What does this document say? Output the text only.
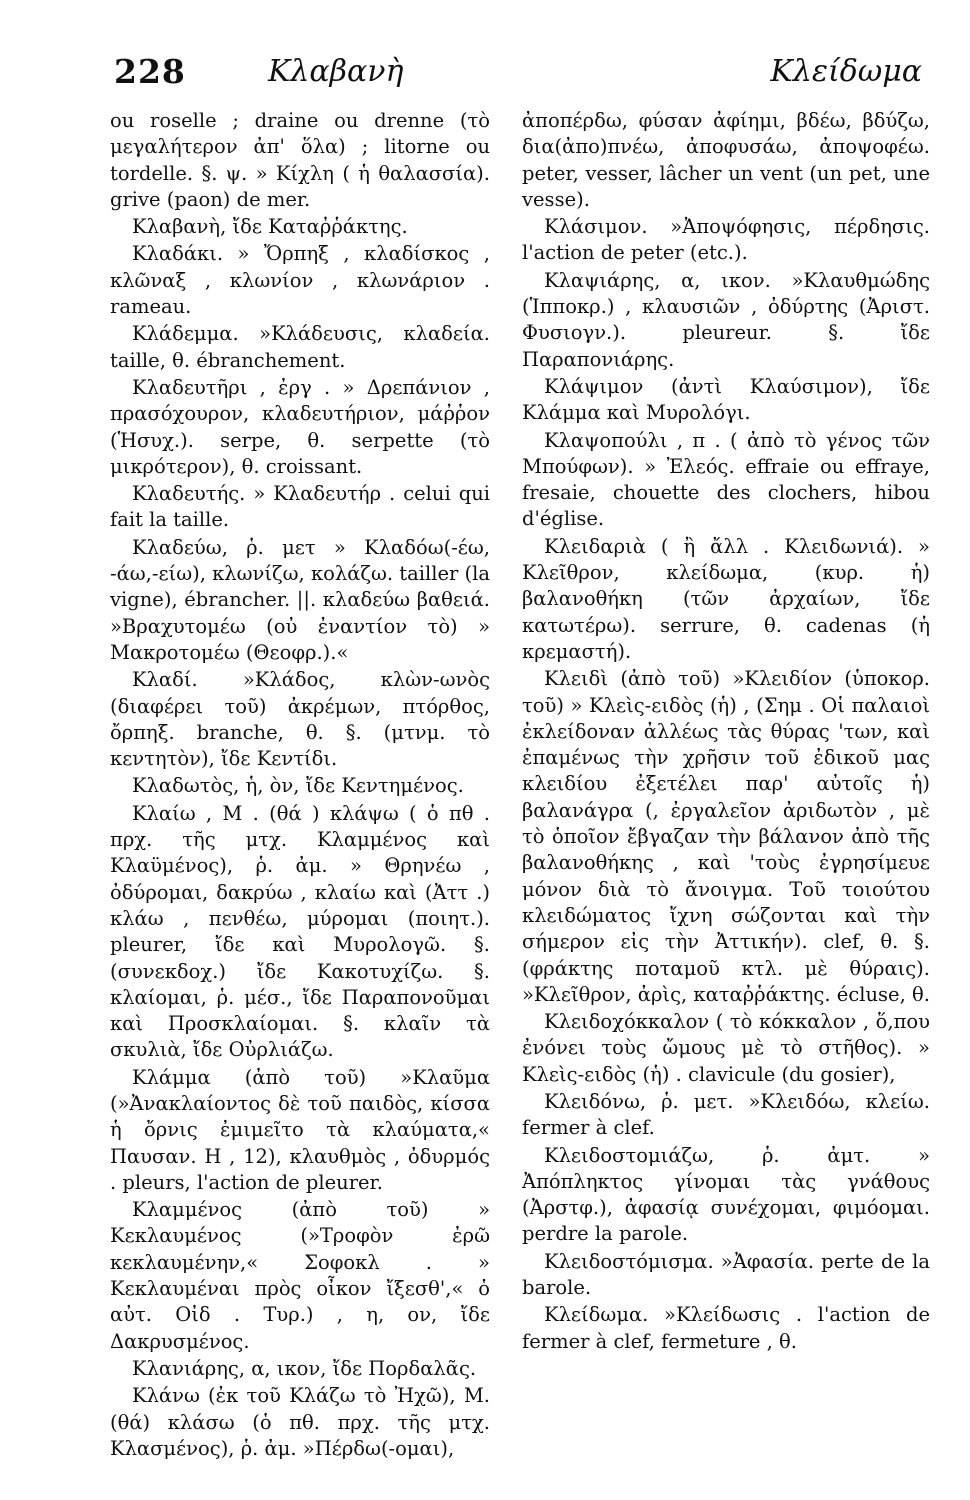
228	Κλαβανὴ	Κλείδωμα

ou roselle ; draine ou drenne (τὸ μεγαλήτερον ἀπ' ὅλα) ; litorne ou tordelle. §. ψ. » Κίχλη ( ἡ θαλασσία). grive (paon) de mer.

Κλαβανὴ, ἴδε Καταῤῥάκτης.

Κλαδάκι. » Ὄρπηξ , κλαδίσκος , κλῶναξ , κλωνίον , κλωνάριον . rameau.

Κλάδεμμα. »Κλάδευσις, κλαδεία. taille, θ. ébranchement.

Κλαδευτῆρι , ἐργ . » Δρεπάνιον , πρασόχουρον, κλαδευτήριον, μάῤῥον (Ἡσυχ.). serpe, θ. serpette (τὸ μικρότερον), θ. croissant.

Κλαδευτής. » Κλαδευτήρ . celui qui fait la taille.

Κλαδεύω, ῥ. μετ » Κλαδόω(-έω, -άω,-είω), κλωνίζω, κολάζω. tailler (la vigne), ébrancher. ||. κλαδεύω βαθειά. »Βραχυτομέω (οὐ ἐναντίον τὸ) » Μακροτομέω (Θεοφρ.).«

Κλαδί. »Κλάδος, κλὼν-ωνὸς (διαφέρει τοῦ) ἀκρέμων, πτόρθος, ὄρπηξ. branche, θ. §. (μτνμ. τὸ κεντητὸν), ἴδε Κεντίδι.

Κλαδωτὸς, ἡ, ὸν, ἴδε Κεντημένος.

Κλαίω , Μ . (θά ) κλάψω ( ὁ πθ . πρχ. τῆς μτχ. Κλαμμένος καὶ Κλαϋμένος), ῥ. ἀμ. » Θρηνέω , ὀδύρομαι, δακρύω , κλαίω καὶ (Ἀττ .) κλάω , πενθέω, μύρομαι (ποιητ.). pleurer, ἴδε καὶ Μυρολογῶ. §. (συνεκδοχ.) ἴδε Κακοτυχίζω. §. κλαίομαι, ῥ. μέσ., ἴδε Παραπονοῦμαι καὶ Προσκλαίομαι. §. κλαῖν τὰ σκυλιὰ, ἴδε Οὐρλιάζω.

Κλάμμα (ἀπὸ τοῦ) »Κλαῦμα (»Ἀνακλαίοντος δὲ τοῦ παιδὸς, κίσσα ἡ ὄρνις ἐμιμεῖτο τὰ κλαύματα,« Παυσαν. Η , 12), κλαυθμὸς , ὀδυρμός . pleurs, l'action de pleurer.

Κλαμμένος (ἀπὸ τοῦ) » Κεκλαυμένος (»Τροφὸν ἐρῶ κεκλαυμένην,« Σοφοκλ . » Κεκλαυμέναι πρὸς οἶκον ἴξεσθ',« ὁ αὐτ. Οἰδ . Τυρ.) , η, ον, ἴδε Δακρυσμένος.

Κλανιάρης, α, ικον, ἴδε Πορδαλᾶς.

Κλάνω (ἐκ τοῦ Κλάζω τὸ Ἠχῶ), Μ. (θά) κλάσω (ὁ πθ. πρχ. τῆς μτχ. Κλασμένος), ῥ. ἀμ. »Πέρδω(-ομαι),

ἀποπέρδω, φύσαν ἀφίημι, βδέω, βδύζω, δια(ἀπο)πνέω, ἀποφυσάω, ἀποψοφέω. peter, vesser, lâcher un vent (un pet, une vesse).

Κλάσιμον. »Ἀποψόφησις, πέρδησις. l'action de peter (etc.).

Κλαψιάρης, α, ικον. »Κλαυθμώδης (Ἱπποκρ.) , κλαυσιῶν , ὀδύρτης (Ἀριστ. Φυσιογν.). pleureur. §. ἴδε Παραπονιάρης.

Κλάψιμον (ἀντὶ Κλαύσιμον), ἴδε Κλάμμα καὶ Μυρολόγι.

Κλαψοπούλι , π . ( ἀπὸ τὸ γένος τῶν Μπούφων). » Ἐλεός. effraie ou effraye, fresaie, chouette des clochers, hibou d'église.

Κλειδαριὰ ( ἢ ἄλλ . Κλειδωνιά). » Κλεῖθρον, κλείδωμα, (κυρ. ἡ) βαλανοθήκη (τῶν ἀρχαίων, ἴδε κατωτέρω). serrure, θ. cadenas (ἡ κρεμαστή).

Κλειδὶ (ἀπὸ τοῦ) »Κλειδίον (ὑποκορ. τοῦ) » Κλεὶς-ειδὸς (ἡ) , (Σημ . Οἱ παλαιοὶ ἐκλείδοναν ἀλλέως τὰς θύρας 'των, καὶ ἐπαμένως τὴν χρῆσιν τοῦ ἐδικοῦ μας κλειδίου ἐξετέλει παρ' αὐτοῖς ἡ) βαλανάγρα (, ἐργαλεῖον ἀριδωτὸν , μὲ τὸ ὁποῖον ἔβγαζαν τὴν βάλανον ἀπὸ τῆς βαλανοθήκης , καὶ 'τοὺς ἐγρησίμευε μόνον διὰ τὸ ἄνοιγμα. Τοῦ τοιούτου κλειδώματος ἴχνη σώζονται καὶ τὴν σήμερον εἰς τὴν Ἀττικήν). clef, θ. §. (φράκτης ποταμοῦ κτλ. μὲ θύραις). »Κλεῖθρον, ἀρὶς, καταῤῥάκτης. écluse, θ.

Κλειδοχόκκαλον ( τὸ κόκκαλον , ὅ,που ἐνόνει τοὺς ὤμους μὲ τὸ στῆθος). » Κλεὶς-ειδὸς (ἡ) . clavicule (du gosier),

Κλειδόνω, ῥ. μετ. »Κλειδόω, κλείω. fermer à clef.

Κλειδοστομιάζω, ῥ. ἀμτ. » Ἀπόπληκτος γίνομαι τὰς γνάθους (Ἀρστφ.), ἀφασίᾳ συνέχομαι, φιμόομαι. perdre la parole.

Κλειδοστόμισμα. »Ἀφασία. perte de la barole.

Κλείδωμα. »Κλείδωσις . l'action de fermer à clef, fermeture , θ.
